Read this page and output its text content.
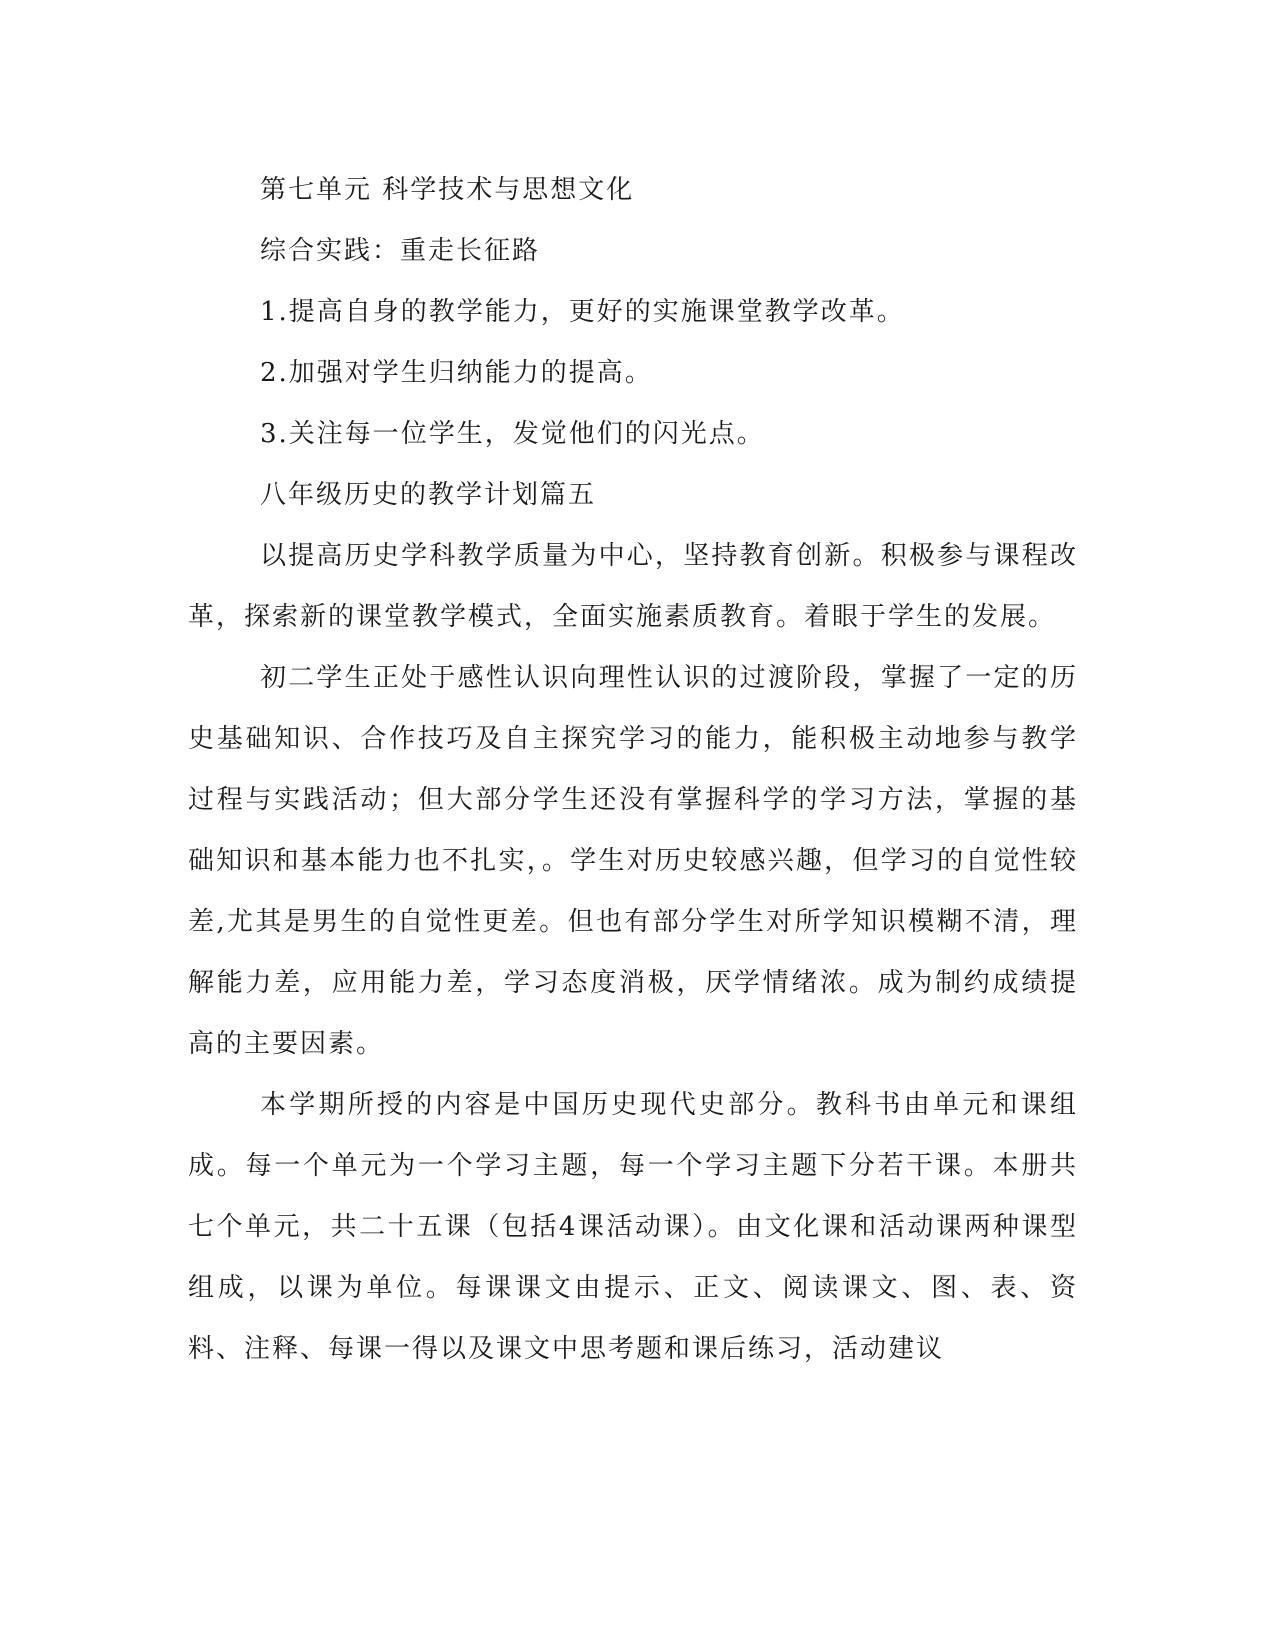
第七单元 科学技术与思想文化
综合实践：重走长征路
1.提高自身的教学能力，更好的实施课堂教学改革。
2.加强对学生归纳能力的提高。
3.关注每一位学生，发觉他们的闪光点。
八年级历史的教学计划篇五

以提高历史学科教学质量为中心，坚持教育创新。积极参与课程改革，探索新的课堂教学模式，全面实施素质教育。着眼于学生的发展。

初二学生正处于感性认识向理性认识的过渡阶段，掌握了一定的历史基础知识、合作技巧及自主探究学习的能力，能积极主动地参与教学过程与实践活动；但大部分学生还没有掌握科学的学习方法，掌握的基础知识和基本能力也不扎实，。学生对历史较感兴趣，但学习的自觉性较差,尤其是男生的自觉性更差。但也有部分学生对所学知识模糊不清，理解能力差，应用能力差，学习态度消极，厌学情绪浓。成为制约成绩提高的主要因素。

本学期所授的内容是中国历史现代史部分。教科书由单元和课组成。每一个单元为一个学习主题，每一个学习主题下分若干课。本册共七个单元，共二十五课（包括4课活动课）。由文化课和活动课两种课型组成，以课为单位。每课课文由提示、正文、阅读课文、图、表、资料、注释、每课一得以及课文中思考题和课后练习，活动建议
